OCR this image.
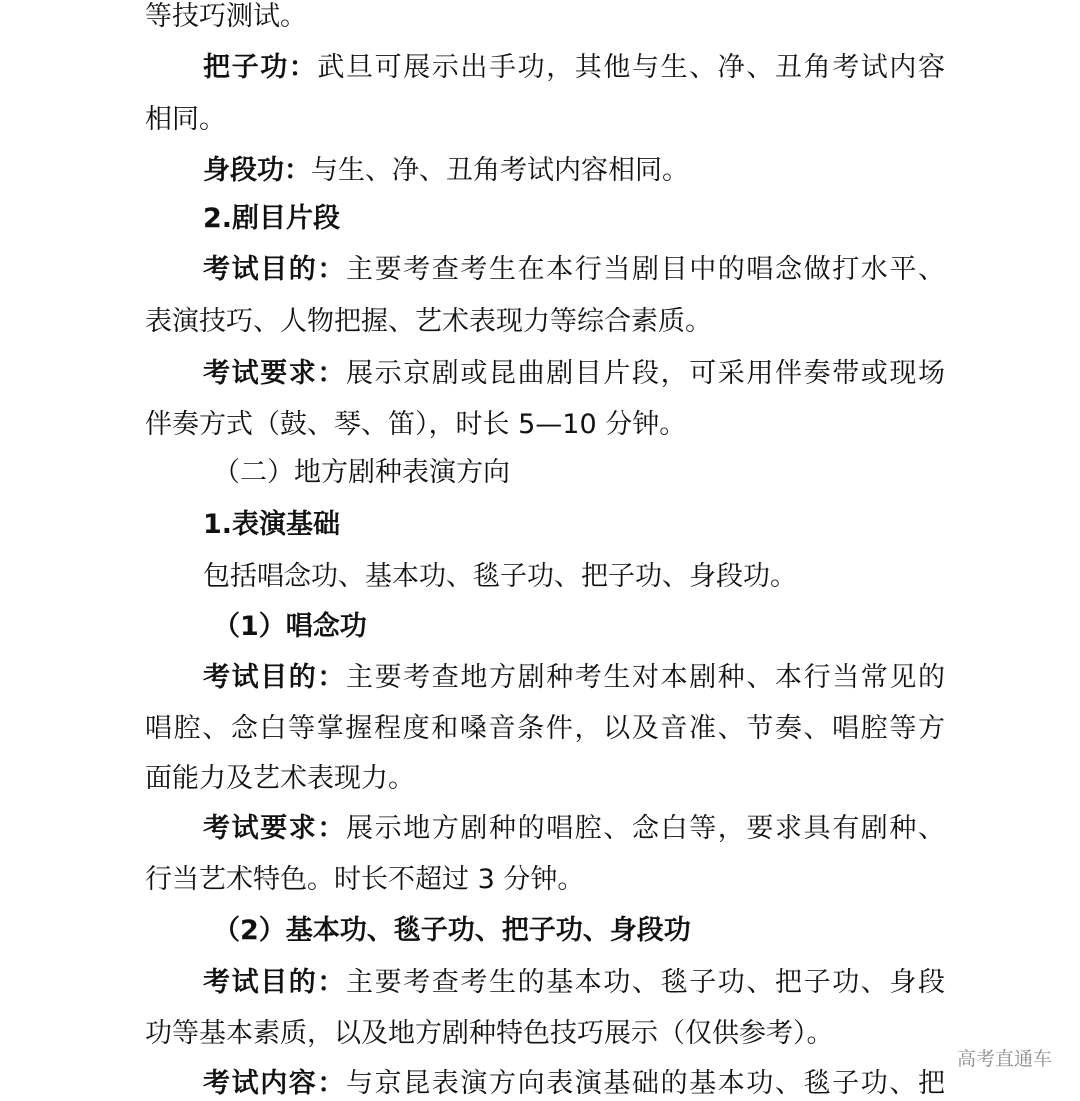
等技巧测试。
把子功：武旦可展示出手功，其他与生、净、丑角考试内容
相同。
身段功：与生、净、丑角考试内容相同。
2.剧目片段
考试目的：主要考查考生在本行当剧目中的唱念做打水平、
表演技巧、人物把握、艺术表现力等综合素质。
考试要求：展示京剧或昆曲剧目片段，可采用伴奏带或现场
伴奏方式（鼓、琴、笛），时长 5—10 分钟。
（二）地方剧种表演方向
1.表演基础
包括唱念功、基本功、毯子功、把子功、身段功。
（1）唱念功
考试目的：主要考查地方剧种考生对本剧种、本行当常见的
唱腔、念白等掌握程度和嗓音条件，以及音准、节奏、唱腔等方
面能力及艺术表现力。
考试要求：展示地方剧种的唱腔、念白等，要求具有剧种、
行当艺术特色。时长不超过 3 分钟。
（2）基本功、毯子功、把子功、身段功
考试目的：主要考查考生的基本功、毯子功、把子功、身段
功等基本素质，以及地方剧种特色技巧展示（仅供参考）。
考试内容：与京昆表演方向表演基础的基本功、毯子功、把
高考直通车
